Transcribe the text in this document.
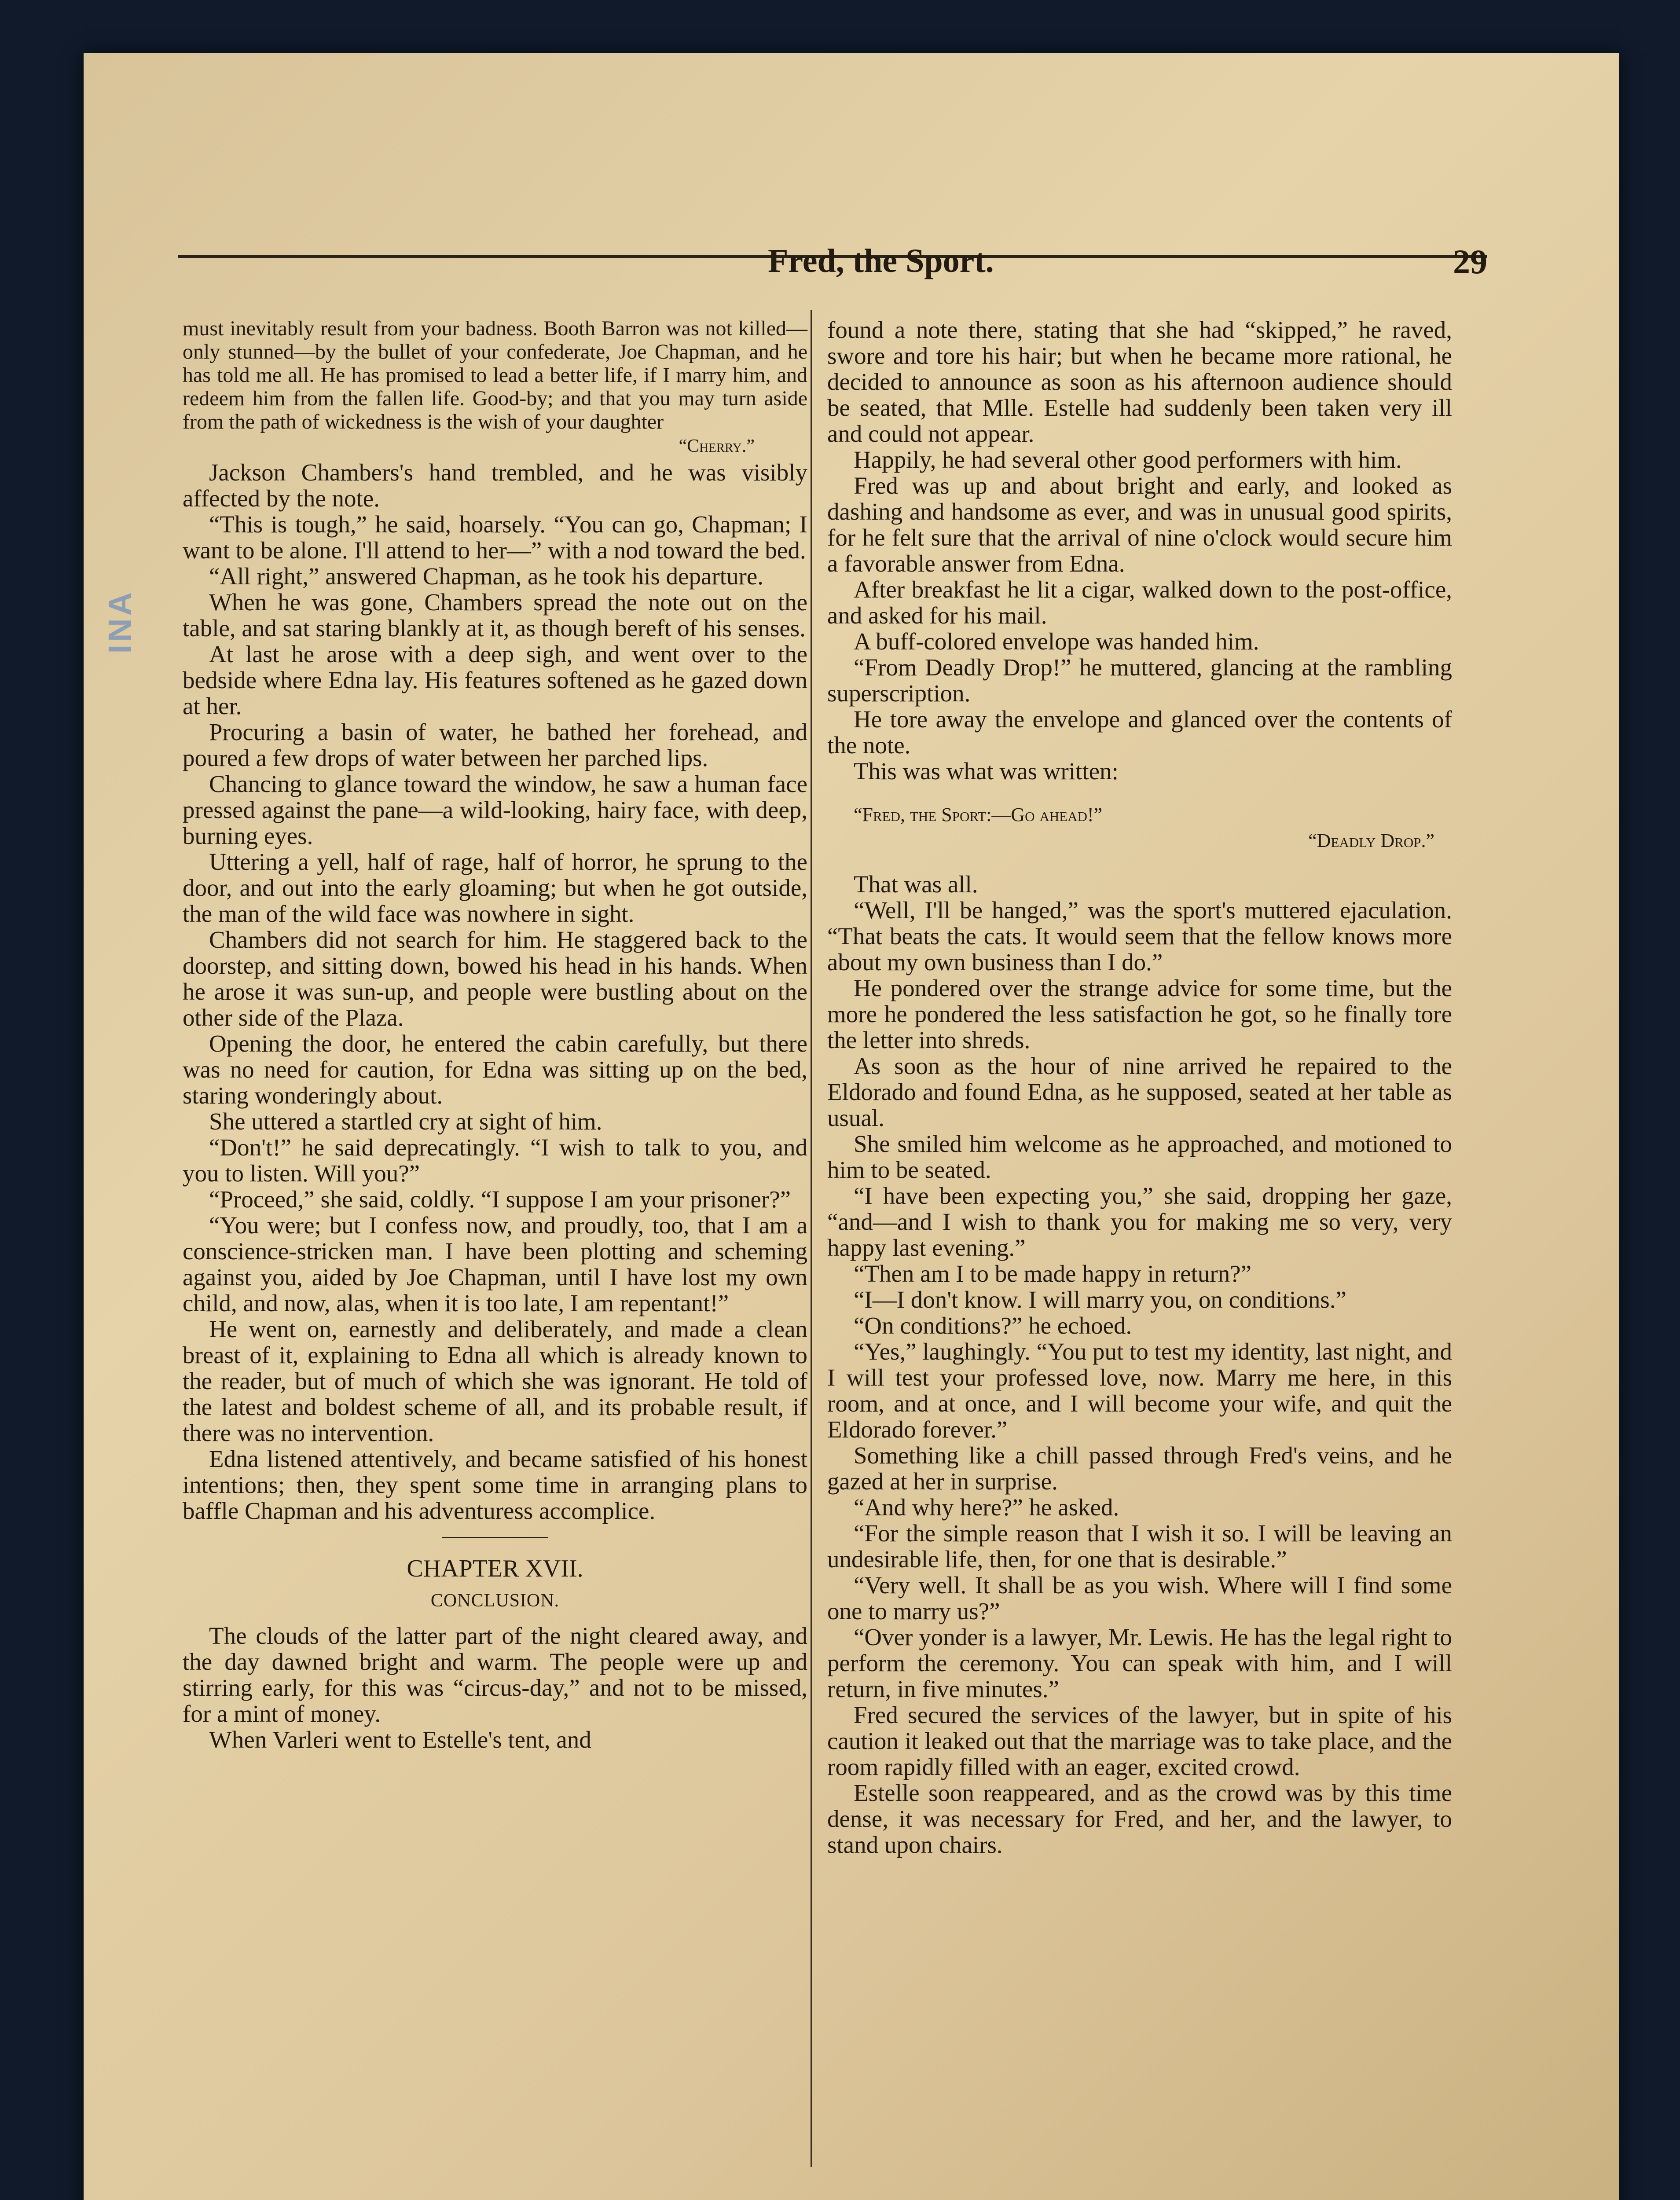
INA
Fred, the Sport.	29

must inevitably result from your badness. Booth Barron was not killed—only stunned—by the bullet of your confederate, Joe Chapman, and he has told me all. He has promised to lead a better life, if I marry him, and redeem him from the fallen life. Good-by; and that you may turn aside from the path of wickedness is the wish of your daughter

“Cherry.”

Jackson Chambers's hand trembled, and he was visibly affected by the note.

“This is tough,” he said, hoarsely. “You can go, Chapman; I want to be alone. I'll attend to her—” with a nod toward the bed.

“All right,” answered Chapman, as he took his departure.

When he was gone, Chambers spread the note out on the table, and sat staring blankly at it, as though bereft of his senses.

At last he arose with a deep sigh, and went over to the bedside where Edna lay. His features softened as he gazed down at her.

Procuring a basin of water, he bathed her forehead, and poured a few drops of water between her parched lips.

Chancing to glance toward the window, he saw a human face pressed against the pane—a wild-looking, hairy face, with deep, burning eyes.

Uttering a yell, half of rage, half of horror, he sprung to the door, and out into the early gloaming; but when he got outside, the man of the wild face was nowhere in sight.

Chambers did not search for him. He staggered back to the doorstep, and sitting down, bowed his head in his hands. When he arose it was sun-up, and people were bustling about on the other side of the Plaza.

Opening the door, he entered the cabin carefully, but there was no need for caution, for Edna was sitting up on the bed, staring wonderingly about.

She uttered a startled cry at sight of him.

“Don't!” he said deprecatingly. “I wish to talk to you, and you to listen. Will you?”

“Proceed,” she said, coldly. “I suppose I am your prisoner?”

“You were; but I confess now, and proudly, too, that I am a conscience-stricken man. I have been plotting and scheming against you, aided by Joe Chapman, until I have lost my own child, and now, alas, when it is too late, I am repentant!”

He went on, earnestly and deliberately, and made a clean breast of it, explaining to Edna all which is already known to the reader, but of much of which she was ignorant. He told of the latest and boldest scheme of all, and its probable result, if there was no intervention.

Edna listened attentively, and became satisfied of his honest intentions; then, they spent some time in arranging plans to baffle Chapman and his adventuress accomplice.

CHAPTER XVII.
CONCLUSION.

The clouds of the latter part of the night cleared away, and the day dawned bright and warm. The people were up and stirring early, for this was “circus-day,” and not to be missed, for a mint of money.

When Varleri went to Estelle's tent, and

found a note there, stating that she had “skipped,” he raved, swore and tore his hair; but when he became more rational, he decided to announce as soon as his afternoon audience should be seated, that Mlle. Estelle had suddenly been taken very ill and could not appear.

Happily, he had several other good performers with him.

Fred was up and about bright and early, and looked as dashing and handsome as ever, and was in unusual good spirits, for he felt sure that the arrival of nine o'clock would secure him a favorable answer from Edna.

After breakfast he lit a cigar, walked down to the post-office, and asked for his mail.

A buff-colored envelope was handed him.

“From Deadly Drop!” he muttered, glancing at the rambling superscription.

He tore away the envelope and glanced over the contents of the note.

This was what was written:

“Fred, the Sport:—Go ahead!”
“Deadly Drop.”

That was all.

“Well, I'll be hanged,” was the sport's muttered ejaculation. “That beats the cats. It would seem that the fellow knows more about my own business than I do.”

He pondered over the strange advice for some time, but the more he pondered the less satisfaction he got, so he finally tore the letter into shreds.

As soon as the hour of nine arrived he repaired to the Eldorado and found Edna, as he supposed, seated at her table as usual.

She smiled him welcome as he approached, and motioned to him to be seated.

“I have been expecting you,” she said, dropping her gaze, “and—and I wish to thank you for making me so very, very happy last evening.”

“Then am I to be made happy in return?”

“I—I don't know. I will marry you, on conditions.”

“On conditions?” he echoed.

“Yes,” laughingly. “You put to test my identity, last night, and I will test your professed love, now. Marry me here, in this room, and at once, and I will become your wife, and quit the Eldorado forever.”

Something like a chill passed through Fred's veins, and he gazed at her in surprise.

“And why here?” he asked.

“For the simple reason that I wish it so. I will be leaving an undesirable life, then, for one that is desirable.”

“Very well. It shall be as you wish. Where will I find some one to marry us?”

“Over yonder is a lawyer, Mr. Lewis. He has the legal right to perform the ceremony. You can speak with him, and I will return, in five minutes.”

Fred secured the services of the lawyer, but in spite of his caution it leaked out that the marriage was to take place, and the room rapidly filled with an eager, excited crowd.

Estelle soon reappeared, and as the crowd was by this time dense, it was necessary for Fred, and her, and the lawyer, to stand upon chairs.
